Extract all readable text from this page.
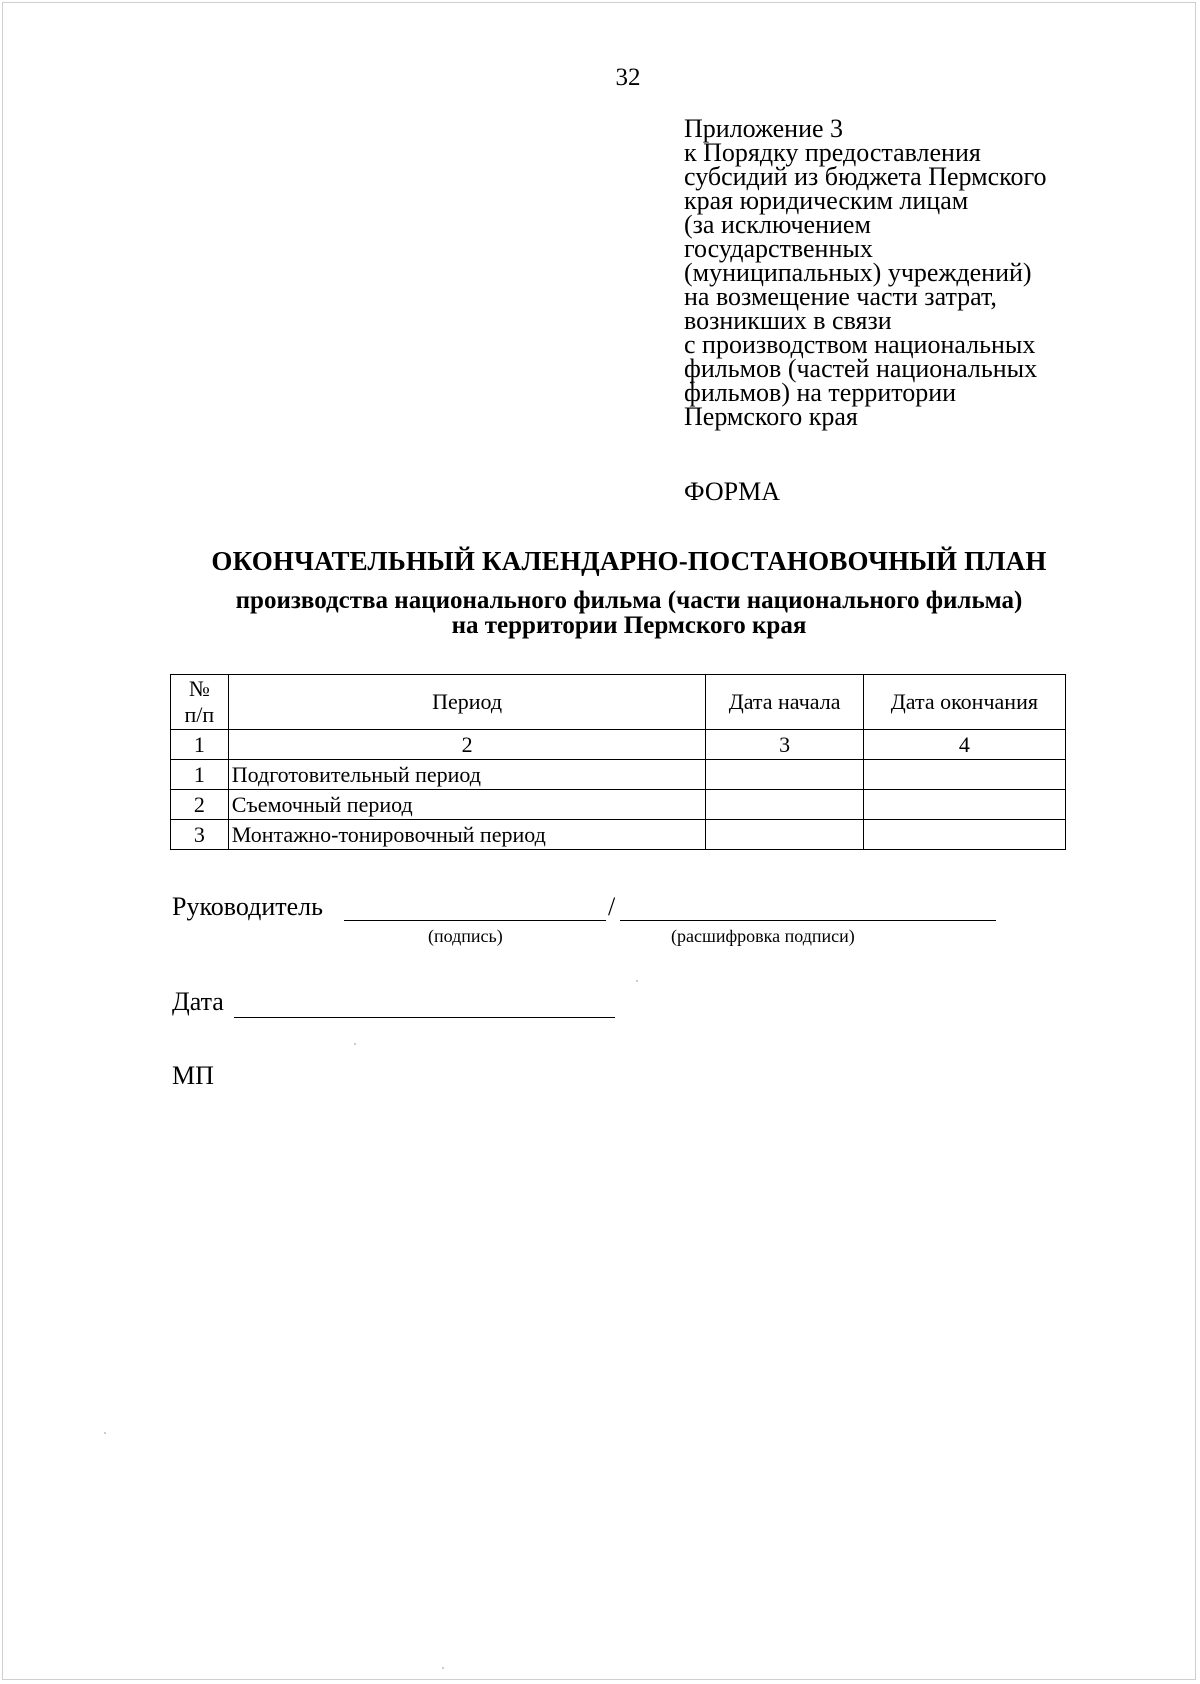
32
Приложение 3
к Порядку предоставления
субсидий из бюджета Пермского
края юридическим лицам
(за исключением
государственных
(муниципальных) учреждений)
на возмещение части затрат,
возникших в связи
с производством национальных
фильмов (частей национальных
фильмов) на территории
Пермского края
ФОРМА
ОКОНЧАТЕЛЬНЫЙ КАЛЕНДАРНО-ПОСТАНОВОЧНЫЙ ПЛАН
производства национального фильма (части национального фильма)
на территории Пермского края
№
п/п	Период	Дата начала	Дата окончания
1	2	3	4
1	Подготовительный период		
2	Съемочный период		
3	Монтажно-тонировочный период		
Руководитель	/
(подпись)	(расшифровка подписи)
Дата
МП
